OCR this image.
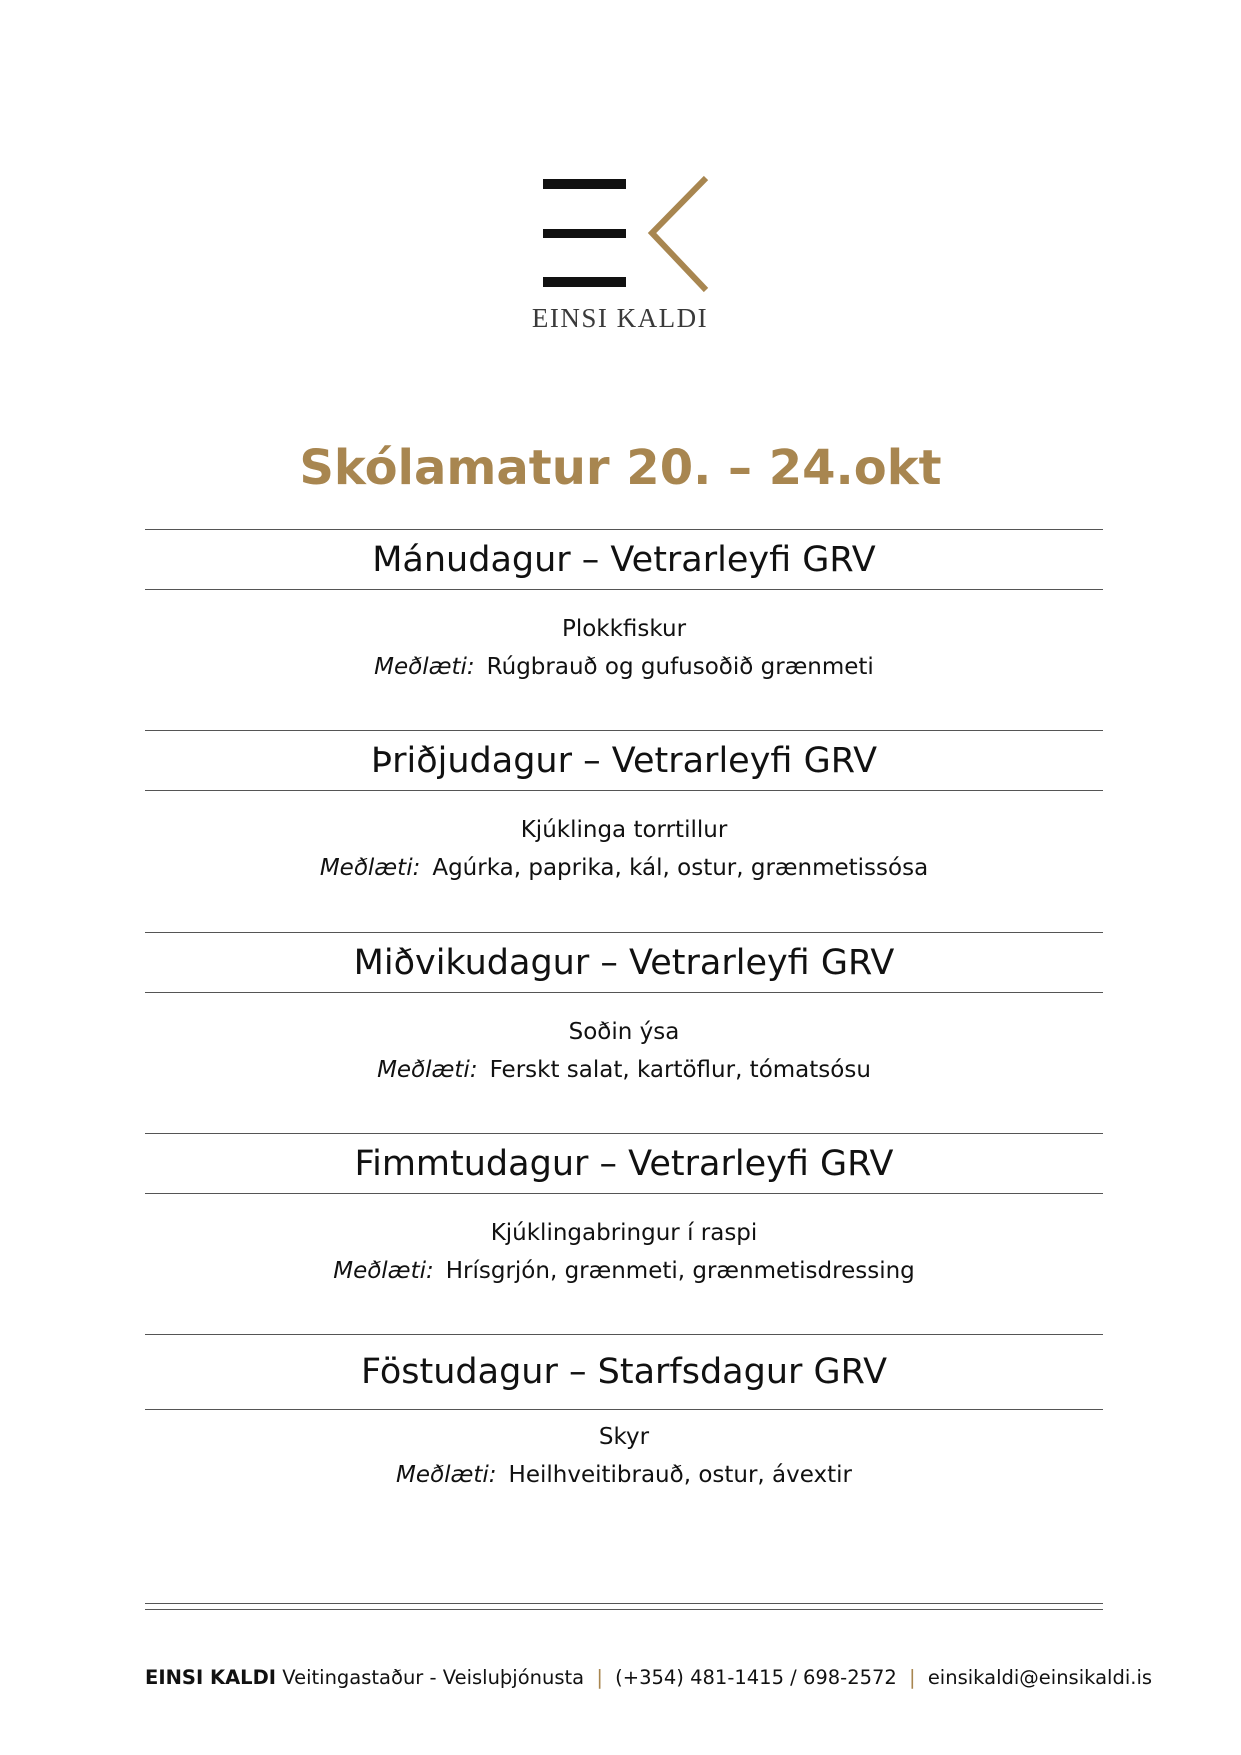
EINSI KALDI
Skólamatur 20. – 24.okt
Mánudagur – Vetrarleyfi GRV
Plokkfiskur
Meðlæti: Rúgbrauð og gufusoðið grænmeti
Þriðjudagur – Vetrarleyfi GRV
Kjúklinga torrtillur
Meðlæti: Agúrka, paprika, kál, ostur, grænmetissósa
Miðvikudagur – Vetrarleyfi GRV
Soðin ýsa
Meðlæti: Ferskt salat, kartöflur, tómatsósu
Fimmtudagur – Vetrarleyfi GRV
Kjúklingabringur í raspi
Meðlæti: Hrísgrjón, grænmeti, grænmetisdressing
Föstudagur – Starfsdagur GRV
Skyr
Meðlæti: Heilhveitibrauð, ostur, ávextir
EINSI KALDI Veitingastaður - Veisluþjónusta | (+354) 481-1415 / 698-2572 | einsikaldi@einsikaldi.is
